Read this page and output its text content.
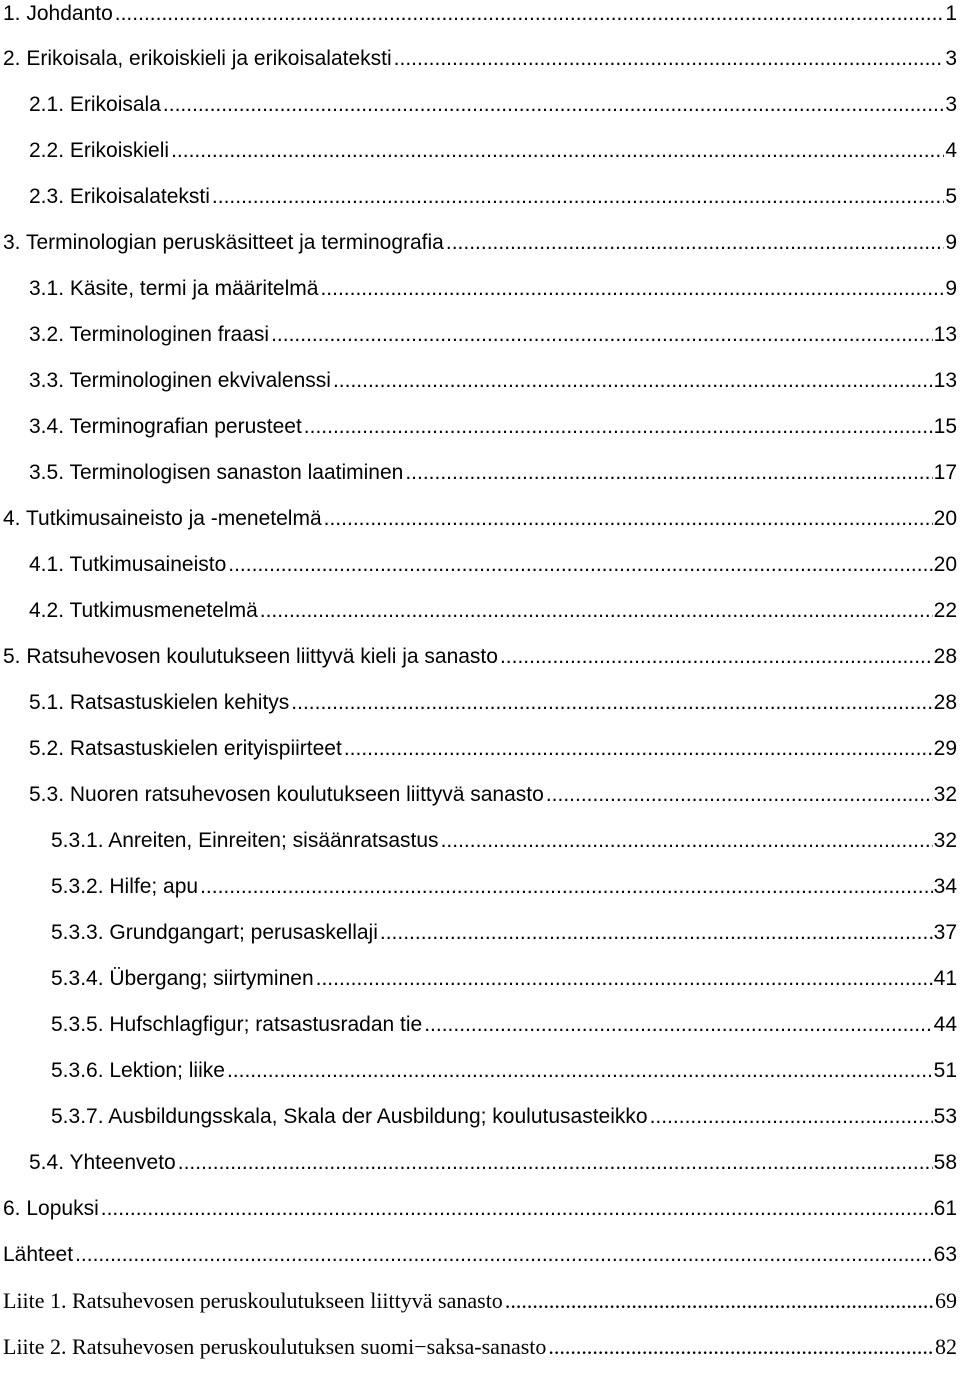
1. Johdanto .....	1
2. Erikoisala, erikoiskieli ja erikoisalateksti .....	3
2.1. Erikoisala .....	3
2.2. Erikoiskieli .....	4
2.3. Erikoisalateksti .....	5
3. Terminologian peruskäsitteet ja terminografia .....	9
3.1. Käsite, termi ja määritelmä .....	9
3.2. Terminologinen fraasi .....	13
3.3. Terminologinen ekvivalenssi .....	13
3.4. Terminografian perusteet .....	15
3.5. Terminologisen sanaston laatiminen .....	17
4. Tutkimusaineisto ja -menetelmä .....	20
4.1. Tutkimusaineisto .....	20
4.2. Tutkimusmenetelmä .....	22
5. Ratsuhevosen koulutukseen liittyvä kieli ja sanasto .....	28
5.1. Ratsastuskielen kehitys .....	28
5.2. Ratsastuskielen erityispiirteet .....	29
5.3. Nuoren ratsuhevosen koulutukseen liittyvä sanasto .....	32
5.3.1. Anreiten, Einreiten; sisäänratsastus .....	32
5.3.2. Hilfe; apu .....	34
5.3.3. Grundgangart; perusaskellaji .....	37
5.3.4. Übergang; siirtyminen .....	41
5.3.5. Hufschlagfigur; ratsastusradan tie .....	44
5.3.6. Lektion; liike .....	51
5.3.7. Ausbildungsskala, Skala der Ausbildung; koulutusasteikko .....	53
5.4. Yhteenveto .....	58
6. Lopuksi .....	61
Lähteet .....	63
Liite 1. Ratsuhevosen peruskoulutukseen liittyvä sanasto .....	69
Liite 2. Ratsuhevosen peruskoulutuksen suomi−saksa-sanasto .....	82
